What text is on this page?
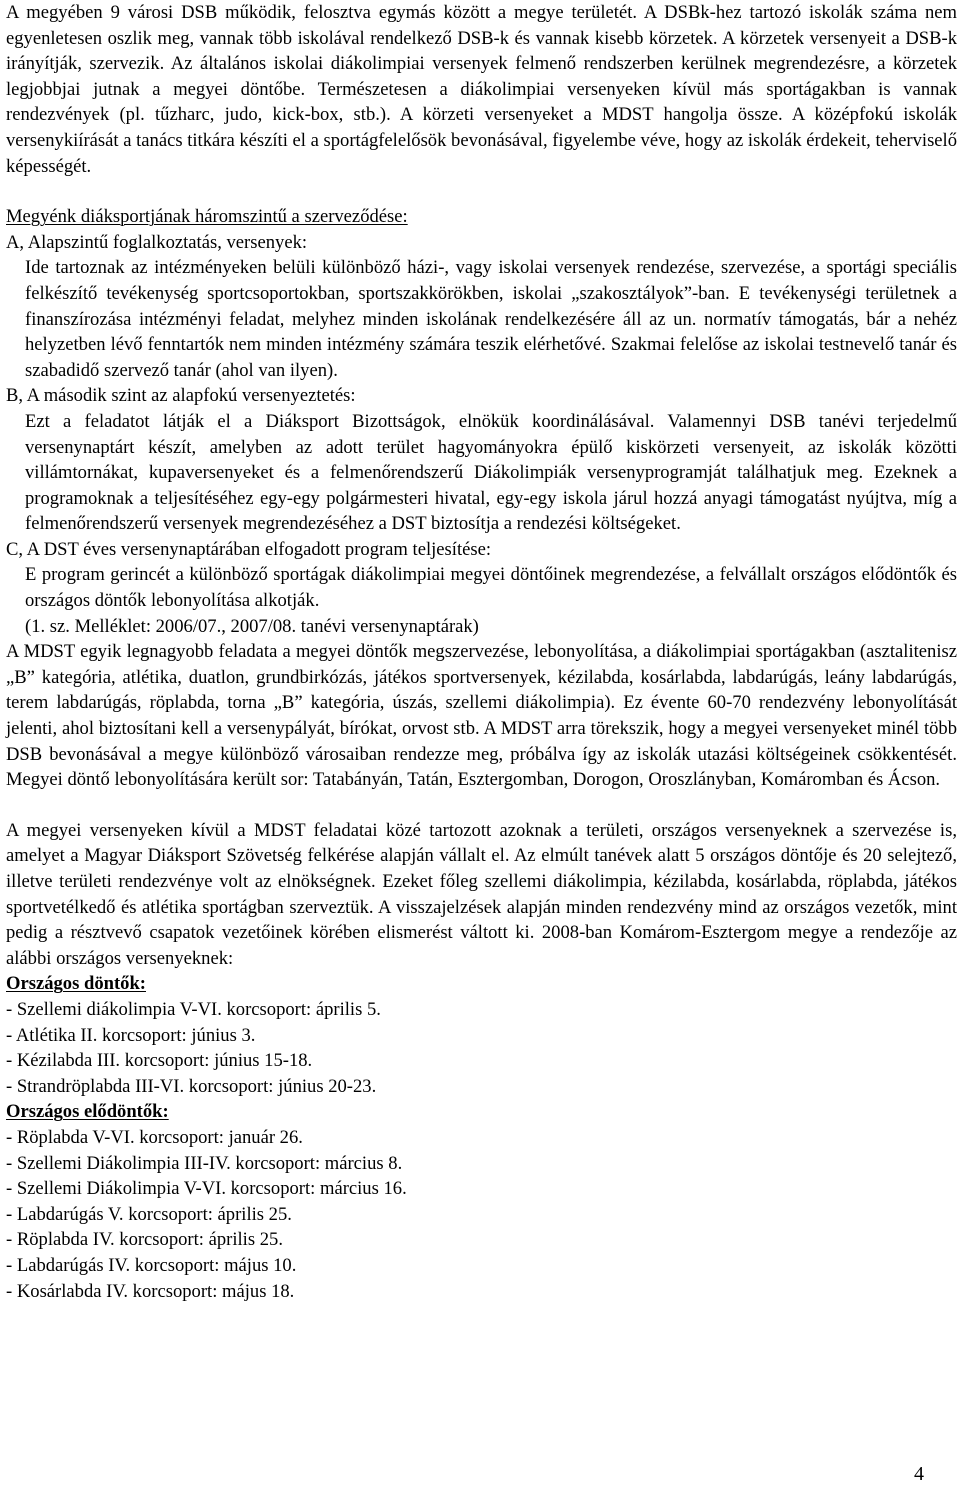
A megyében 9 városi DSB működik, felosztva egymás között a megye területét. A DSBk-hez tartozó iskolák száma nem egyenletesen oszlik meg, vannak több iskolával rendelkező DSB-k és vannak kisebb körzetek. A körzetek versenyeit a DSB-k irányítják, szervezik. Az általános iskolai diákolimpiai versenyek felmenő rendszerben kerülnek megrendezésre, a körzetek legjobbjai jutnak a megyei döntőbe. Természetesen a diákolimpiai versenyeken kívül más sportágakban is vannak rendezvények (pl. tűzharc, judo, kick-box, stb.). A körzeti versenyeket a MDST hangolja össze. A középfokú iskolák versenykiírását a tanács titkára készíti el a sportágfelelősök bevonásával, figyelembe véve, hogy az iskolák érdekeit, teherviselő képességét.

Megyénk diáksportjának háromszintű a szerveződése:

A, Alapszintű foglalkoztatás, versenyek:

Ide tartoznak az intézményeken belüli különböző házi-, vagy iskolai versenyek rendezése, szervezése, a sportági speciális felkészítő tevékenység sportcsoportokban, sportszakkörökben, iskolai „szakosztályok”-ban. E tevékenységi területnek a finanszírozása intézményi feladat, melyhez minden iskolának rendelkezésére áll az un. normatív támogatás, bár a nehéz helyzetben lévő fenntartók nem minden intézmény számára teszik elérhetővé. Szakmai felelőse az iskolai testnevelő tanár és szabadidő szervező tanár (ahol van ilyen).

B, A második szint az alapfokú versenyeztetés:

Ezt a feladatot látják el a Diáksport Bizottságok, elnökük koordinálásával. Valamennyi DSB tanévi terjedelmű versenynaptárt készít, amelyben az adott terület hagyományokra épülő kiskörzeti versenyeit, az iskolák közötti villámtornákat, kupaversenyeket és a felmenőrendszerű Diákolimpiák versenyprogramját találhatjuk meg. Ezeknek a programoknak a teljesítéséhez egy-egy polgármesteri hivatal, egy-egy iskola járul hozzá anyagi támogatást nyújtva, míg a felmenőrendszerű versenyek megrendezéséhez a DST biztosítja a rendezési költségeket.

C, A DST éves versenynaptárában elfogadott program teljesítése:

E program gerincét a különböző sportágak diákolimpiai megyei döntőinek megrendezése, a felvállalt országos elődöntők és országos döntők lebonyolítása alkotják.

(1. sz. Melléklet: 2006/07., 2007/08. tanévi versenynaptárak)

A MDST egyik legnagyobb feladata a megyei döntők megszervezése, lebonyolítása, a diákolimpiai sportágakban (asztalitenisz „B” kategória, atlétika, duatlon, grundbirkózás, játékos sportversenyek, kézilabda, kosárlabda, labdarúgás, leány labdarúgás, terem labdarúgás, röplabda, torna „B” kategória, úszás, szellemi diákolimpia). Ez évente 60-70 rendezvény lebonyolítását jelenti, ahol biztosítani kell a versenypályát, bírókat, orvost stb. A MDST arra törekszik, hogy a megyei versenyeket minél több DSB bevonásával a megye különböző városaiban rendezze meg, próbálva így az iskolák utazási költségeinek csökkentését. Megyei döntő lebonyolítására került sor: Tatabányán, Tatán, Esztergomban, Dorogon, Oroszlányban, Komáromban és Ácson.

A megyei versenyeken kívül a MDST feladatai közé tartozott azoknak a területi, országos versenyeknek a szervezése is, amelyet a Magyar Diáksport Szövetség felkérése alapján vállalt el. Az elmúlt tanévek alatt 5 országos döntője és 20 selejtező, illetve területi rendezvénye volt az elnökségnek. Ezeket főleg szellemi diákolimpia, kézilabda, kosárlabda, röplabda, játékos sportvetélkedő és atlétika sportágban szerveztük. A visszajelzések alapján minden rendezvény mind az országos vezetők, mint pedig a résztvevő csapatok vezetőinek körében elismerést váltott ki. 2008-ban Komárom-Esztergom megye a rendezője az alábbi országos versenyeknek:

Országos döntők:

- Szellemi diákolimpia V-VI. korcsoport: április 5.
- Atlétika II. korcsoport: június 3.
- Kézilabda III. korcsoport: június 15-18.
- Strandröplabda III-VI. korcsoport: június 20-23.

Országos elődöntők:

- Röplabda V-VI. korcsoport: január 26.
- Szellemi Diákolimpia III-IV. korcsoport: március 8.
- Szellemi Diákolimpia V-VI. korcsoport: március 16.
- Labdarúgás V. korcsoport: április 25.
- Röplabda IV. korcsoport: április 25.
- Labdarúgás IV. korcsoport: május 10.
- Kosárlabda IV. korcsoport: május 18.
4
